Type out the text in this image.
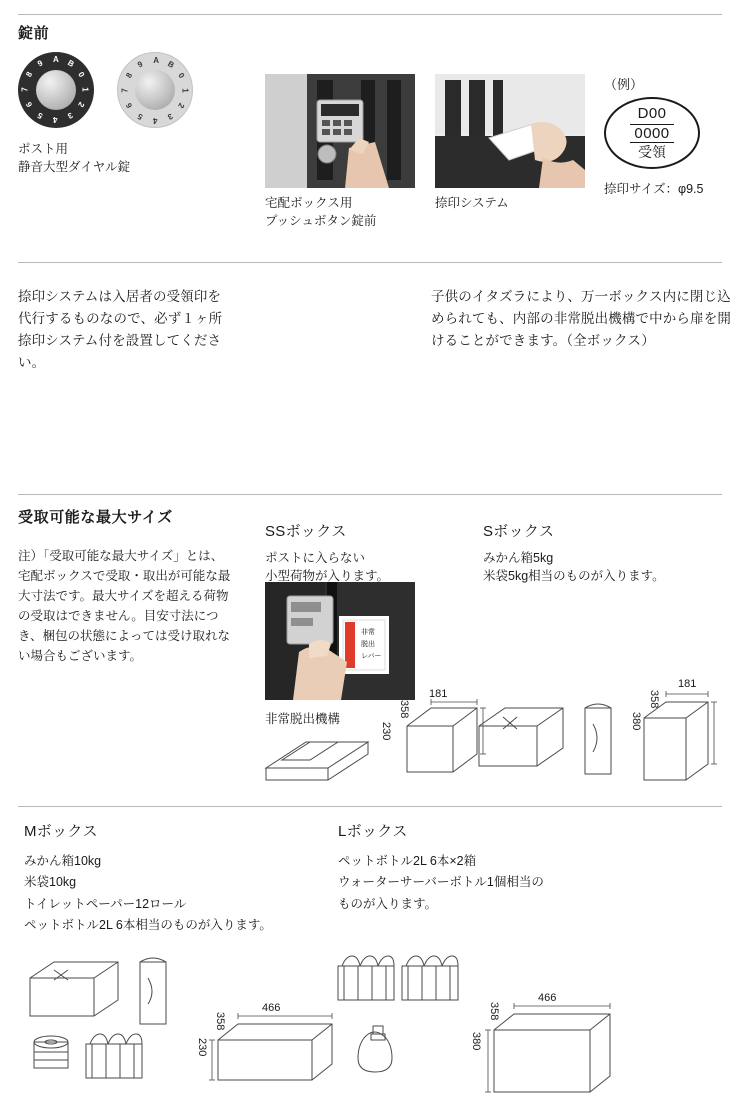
錠前
A B
0
1
2
3
4
5
6
7
8
9
	A B
0
1
2
3
4
5
6
7
8
9
ポスト用
静音大型ダイヤル錠
宅配ボックス用
プッシュボタン錠前
捺印システム
（例）
D00
0000
受領
捺印サイズ：φ9.5
捺印システムは入居者の受領印を代行するものなので、必ず１ヶ所捺印システム付を設置してください。
非常
脱出
レバー
非常脱出機構
子供のイタズラにより、万一ボックス内に閉じ込められても、内部の非常脱出機構で中から扉を開けることができます。（全ボックス）
受取可能な最大サイズ
注）「受取可能な最大サイズ」とは、宅配ボックスで受取・取出が可能な最大寸法です。最大サイズを超える荷物の受取はできません。目安寸法につき、梱包の状態によっては受け取れない場合もございます。
SSボックス
ポストに入らない
小型荷物が入ります。
Sボックス
みかん箱5kg
米袋5kg相当のものが入ります。
181
358
230
181
358
380
Mボックス
みかん箱10kg
米袋10kg
トイレットペーパー12ロール
ペットボトル2L 6本相当のものが入ります。
Lボックス
ペットボトル2L 6本×2箱
ウォーターサーバーボトル1個相当の
ものが入ります。
466
358
230
466
358
380
